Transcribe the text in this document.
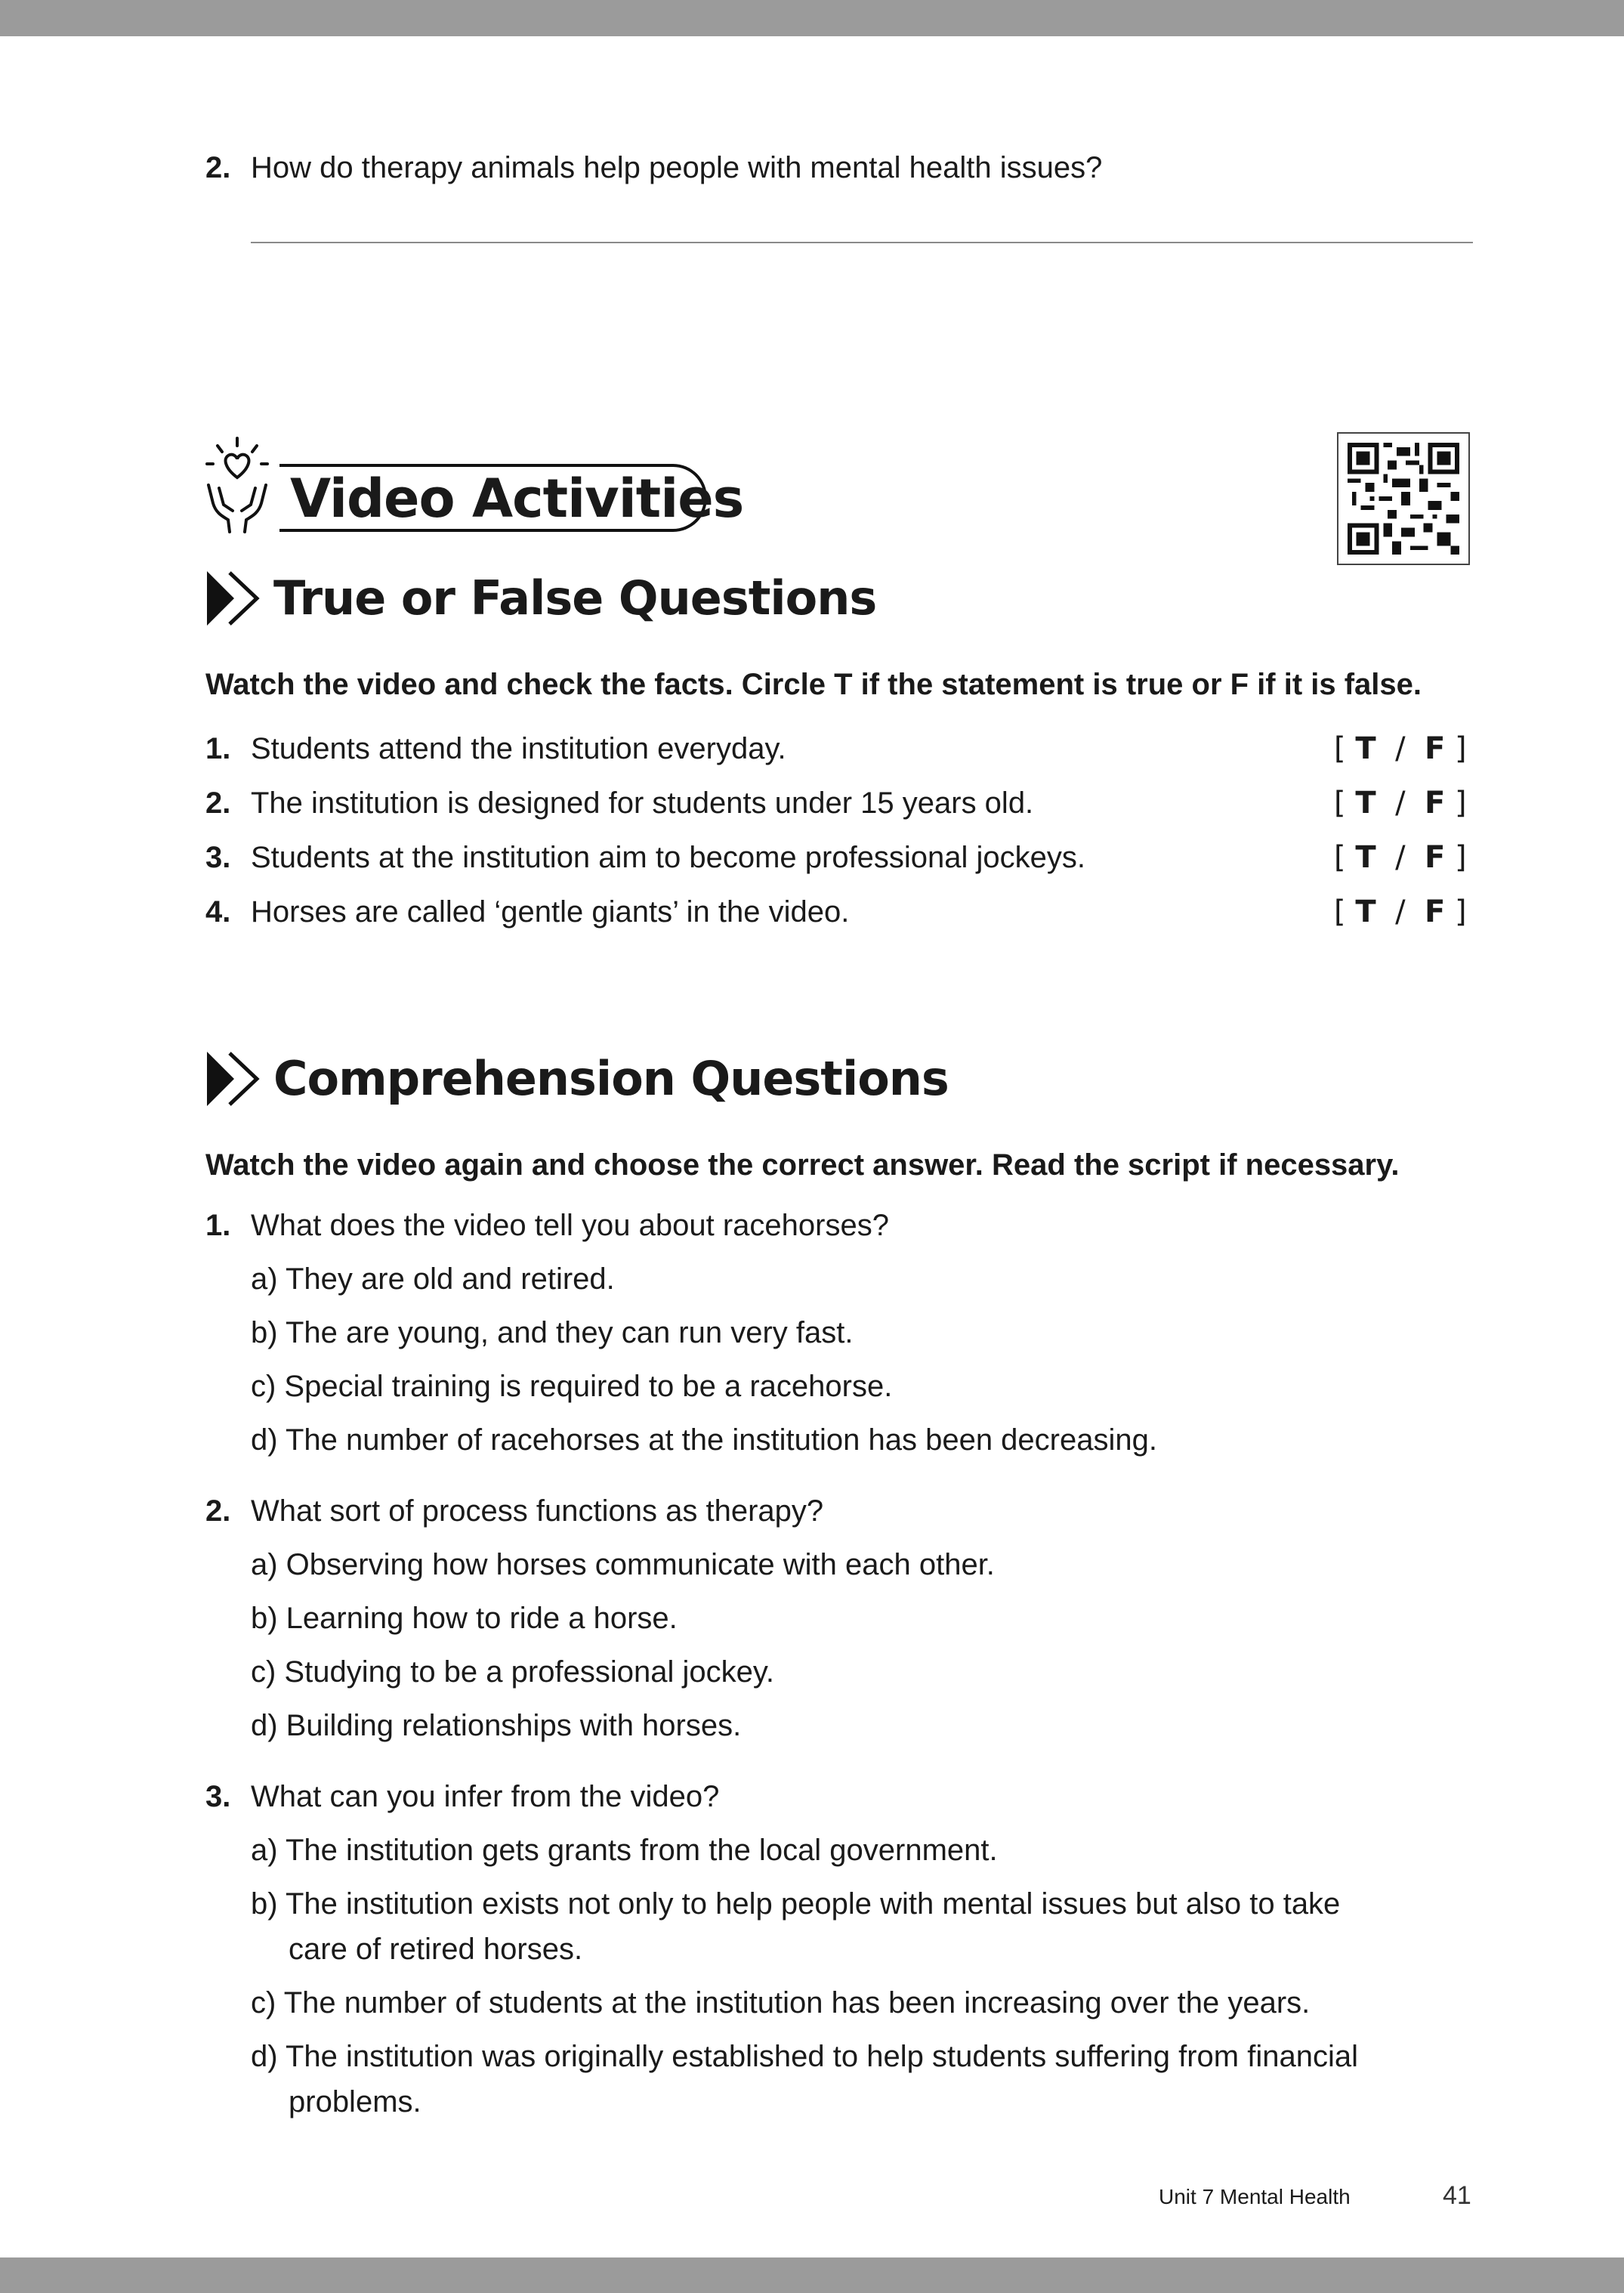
2. How do therapy animals help people with mental health issues?
Video Activities
True or False Questions
Watch the video and check the facts. Circle T if the statement is true or F if it is false.
1. Students attend the institution everyday.	[ T / F ]
2. The institution is designed for students under 15 years old.	[ T / F ]
3. Students at the institution aim to become professional jockeys.	[ T / F ]
4. Horses are called ‘gentle giants’ in the video.	[ T / F ]
Comprehension Questions
Watch the video again and choose the correct answer. Read the script if necessary.
1. What does the video tell you about racehorses?
a) They are old and retired.
b) The are young, and they can run very fast.
c) Special training is required to be a racehorse.
d) The number of racehorses at the institution has been decreasing.
2. What sort of process functions as therapy?
a) Observing how horses communicate with each other.
b) Learning how to ride a horse.
c) Studying to be a professional jockey.
d) Building relationships with horses.
3. What can you infer from the video?
a) The institution gets grants from the local government.
b) The institution exists not only to help people with mental issues but also to take
care of retired horses.
c) The number of students at the institution has been increasing over the years.
d) The institution was originally established to help students suffering from financial
problems.
Unit 7 Mental Health	41
